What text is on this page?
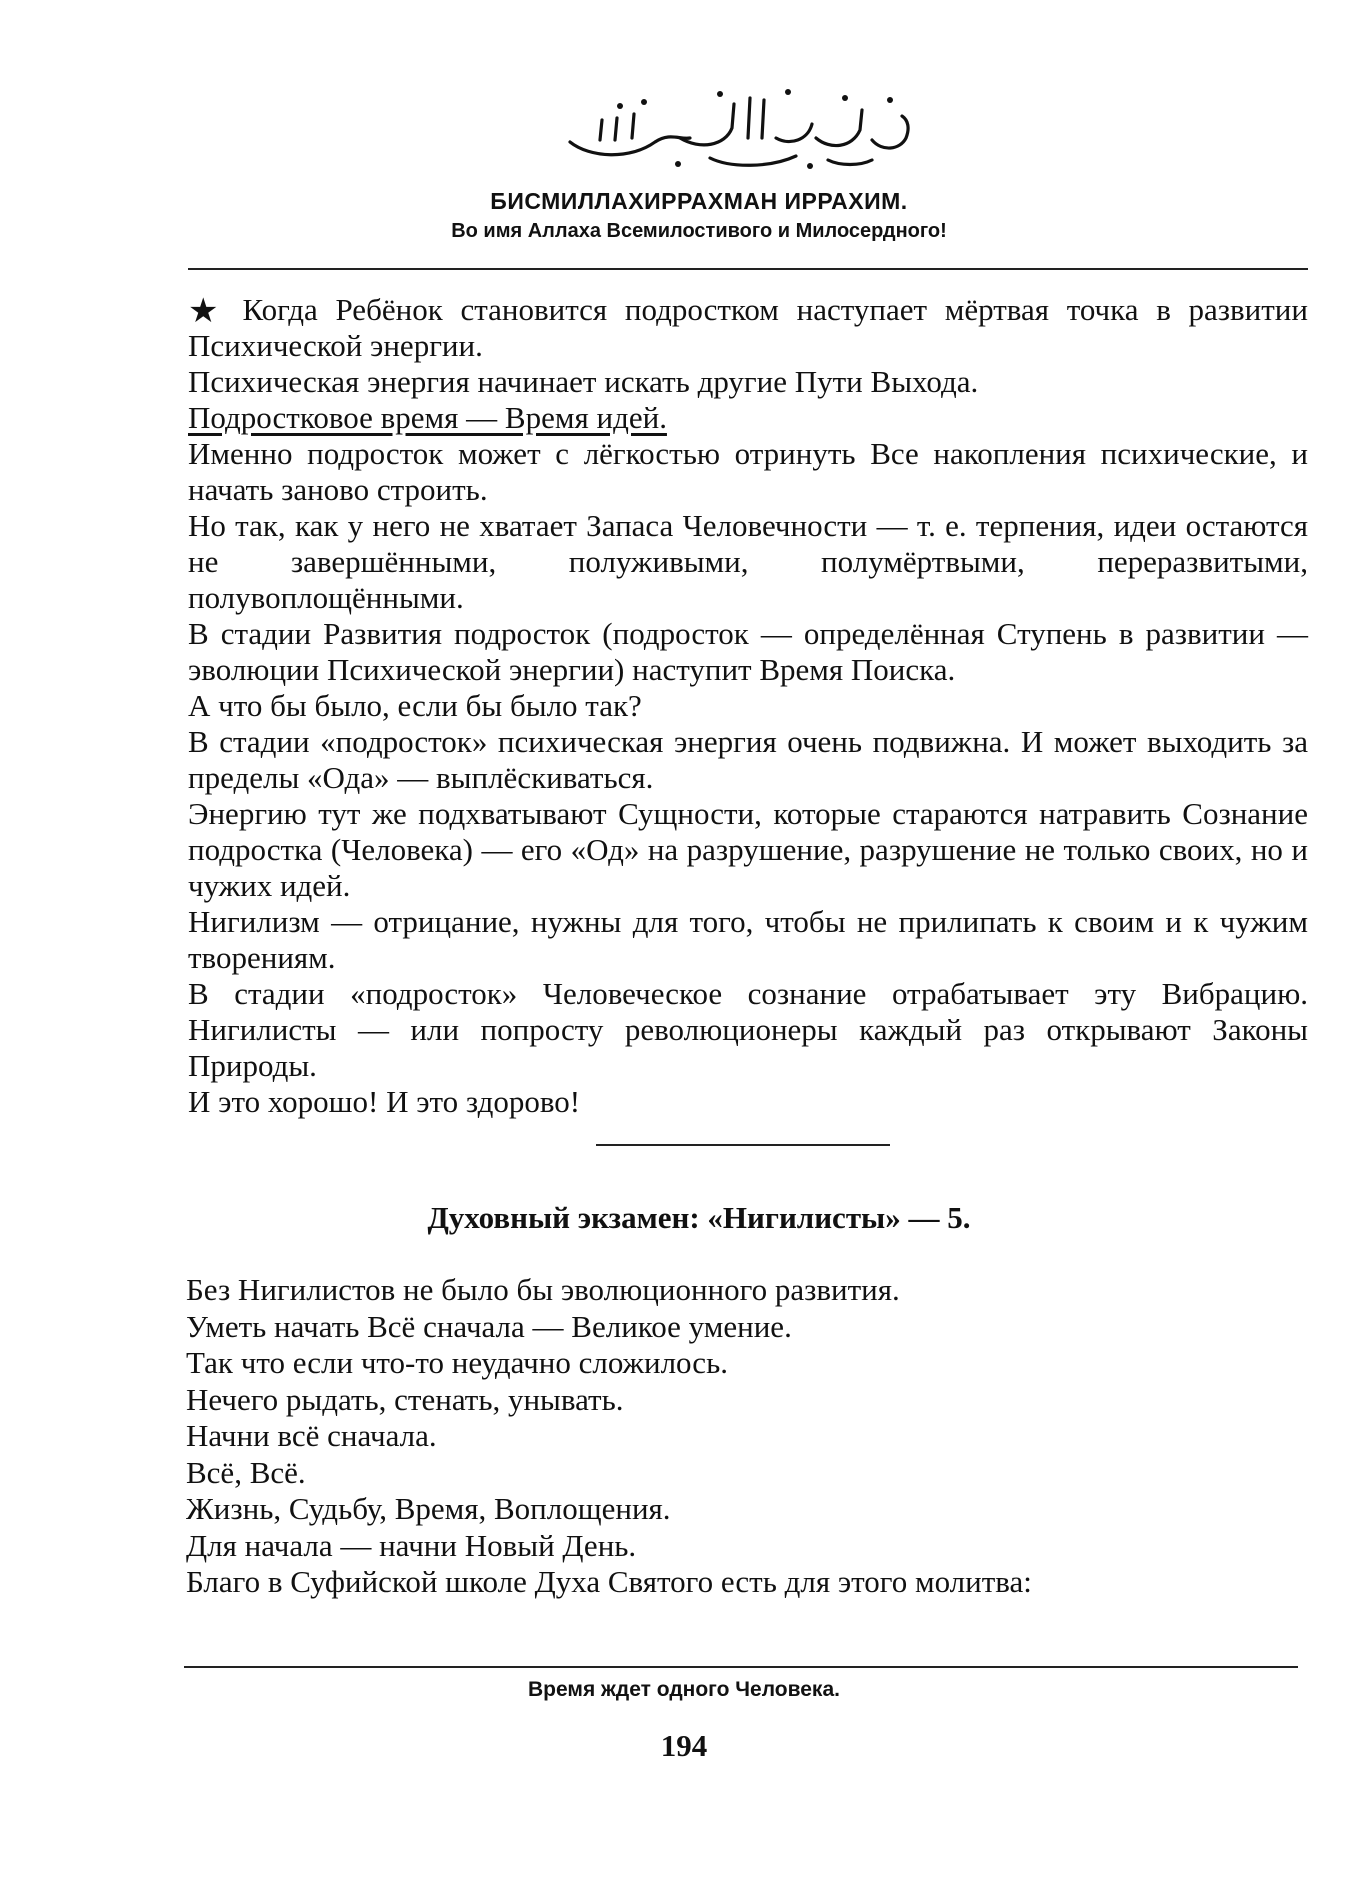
БИСМИЛЛАХИРРАХМАН ИРРАХИМ.
Во имя Аллаха Всемилостивого и Милосердного!

★ Когда Ребёнок становится подростком наступает мёртвая точка в развитии Психической энергии.

Психическая энергия начинает искать другие Пути Выхода.

Подростковое время — Время идей.

Именно подросток может с лёгкостью отринуть Все накопления психические, и начать заново строить.

Но так, как у него не хватает Запаса Человечности — т. е. терпения, идеи остаются не завершёнными, полуживыми, полумёртвыми, переразвитыми, полувоплощёнными.

В стадии Развития подросток (подросток — определённая Ступень в развитии — эволюции Психической энергии) наступит Время Поиска.

А что бы было, если бы было так?

В стадии «подросток» психическая энергия очень подвижна. И может выходить за пределы «Ода» — выплёскиваться.

Энергию тут же подхватывают Сущности, которые стараются натравить Сознание подростка (Человека) — его «Од» на разрушение, разрушение не только своих, но и чужих идей.

Нигилизм — отрицание, нужны для того, чтобы не прилипать к своим и к чужим творениям.

В стадии «подросток» Человеческое сознание отрабатывает эту Вибрацию. Нигилисты — или попросту революционеры каждый раз открывают Законы Природы.

И это хорошо! И это здорово!

Духовный экзамен: «Нигилисты» — 5.

Без Нигилистов не было бы эволюционного развития.

Уметь начать Всё сначала — Великое умение.

Так что если что-то неудачно сложилось.

Нечего рыдать, стенать, унывать.

Начни всё сначала.

Всё, Всё.

Жизнь, Судьбу, Время, Воплощения.

Для начала — начни Новый День.

Благо в Суфийской школе Духа Святого есть для этого молитва:

Время ждет одного Человека.
194
